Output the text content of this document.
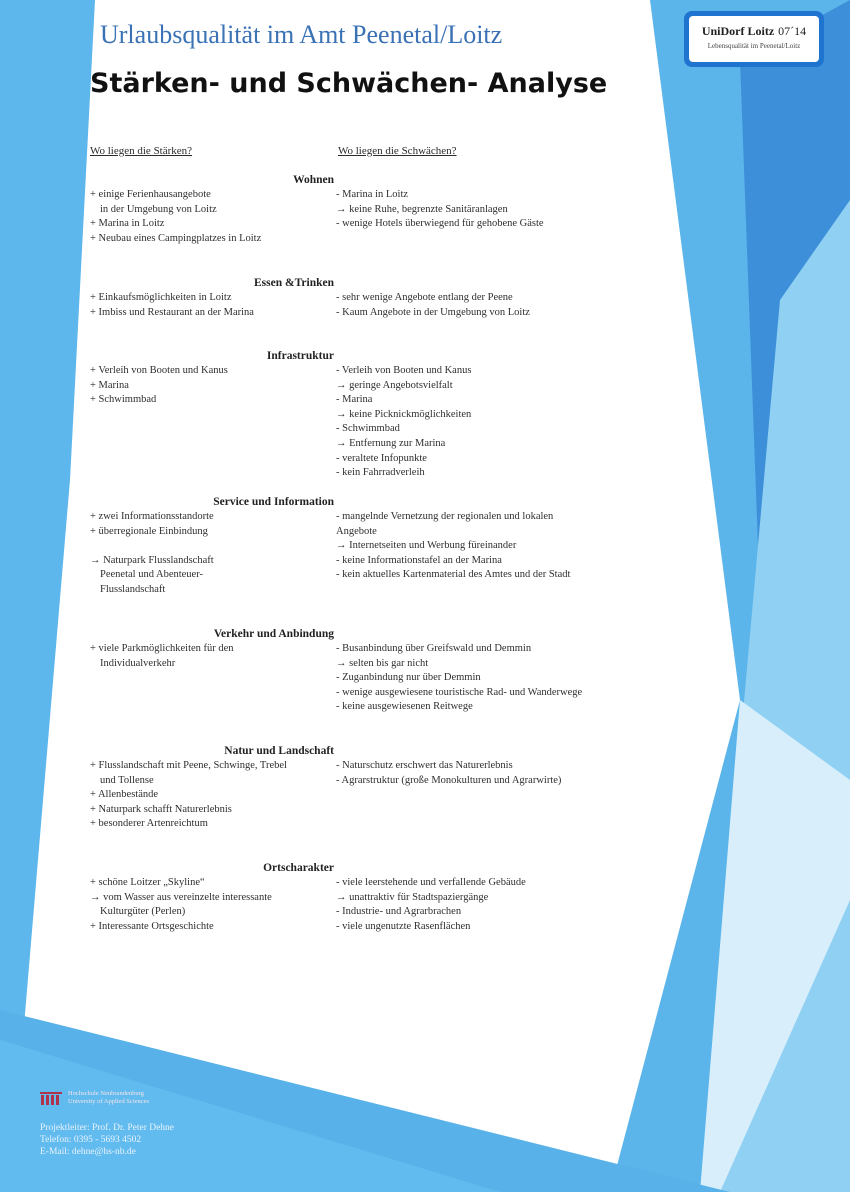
Urlaubsqualität im Amt Peenetal/Loitz
Stärken- und Schwächen- Analyse
UniDorf Loitz 07´14
Lebensqualität im Peenetal/Loitz
Wo liegen die Stärken?	Wo liegen die Schwächen?
Wohnen
+ einige Ferienhausangebote
in der Umgebung von Loitz
+ Marina in Loitz
+ Neubau eines Campingplatzes in Loitz
- Marina in Loitz
→ keine Ruhe, begrenzte Sanitäranlagen
- wenige Hotels überwiegend für gehobene Gäste
Essen &Trinken
+ Einkaufsmöglichkeiten in Loitz
+ Imbiss und Restaurant an der Marina
- sehr wenige Angebote entlang der Peene
- Kaum Angebote in der Umgebung von Loitz
Infrastruktur
+ Verleih von Booten und Kanus
+ Marina
+ Schwimmbad
- Verleih von Booten und Kanus
→ geringe Angebotsvielfalt
- Marina
→ keine Picknickmöglichkeiten
- Schwimmbad
→ Entfernung zur Marina
- veraltete Infopunkte
- kein Fahrradverleih
Service und Information
+ zwei Informationsstandorte
+ überregionale Einbindung
→ Naturpark Flusslandschaft
Peenetal und Abenteuer-
Flusslandschaft
- mangelnde Vernetzung der regionalen und lokalen
Angebote
→ Internetseiten und Werbung füreinander
- keine Informationstafel an der Marina
- kein aktuelles Kartenmaterial des Amtes und der Stadt
Verkehr und Anbindung
+ viele Parkmöglichkeiten für den
Individualverkehr
- Busanbindung über Greifswald und Demmin
→ selten bis gar nicht
- Zuganbindung nur über Demmin
- wenige ausgewiesene touristische Rad- und Wanderwege
- keine ausgewiesenen Reitwege
Natur und Landschaft
+ Flusslandschaft mit Peene, Schwinge, Trebel
und Tollense
+ Allenbestände
+ Naturpark schafft Naturerlebnis
+ besonderer Artenreichtum
- Naturschutz erschwert das Naturerlebnis
- Agrarstruktur (große Monokulturen und Agrarwirte)
Ortscharakter
+ schöne Loitzer „Skyline“
→ vom Wasser aus vereinzelte interessante
Kulturgüter (Perlen)
+ Interessante Ortsgeschichte
- viele leerstehende und verfallende Gebäude
→ unattraktiv für Stadtspaziergänge
- Industrie- und Agrarbrachen
- viele ungenutzte Rasenflächen
Hochschule Neubrandenburg
University of Applied Sciences
Projektleiter: Prof. Dr. Peter Dehne
Telefon: 0395 - 5693 4502
E-Mail: dehne@hs-nb.de
